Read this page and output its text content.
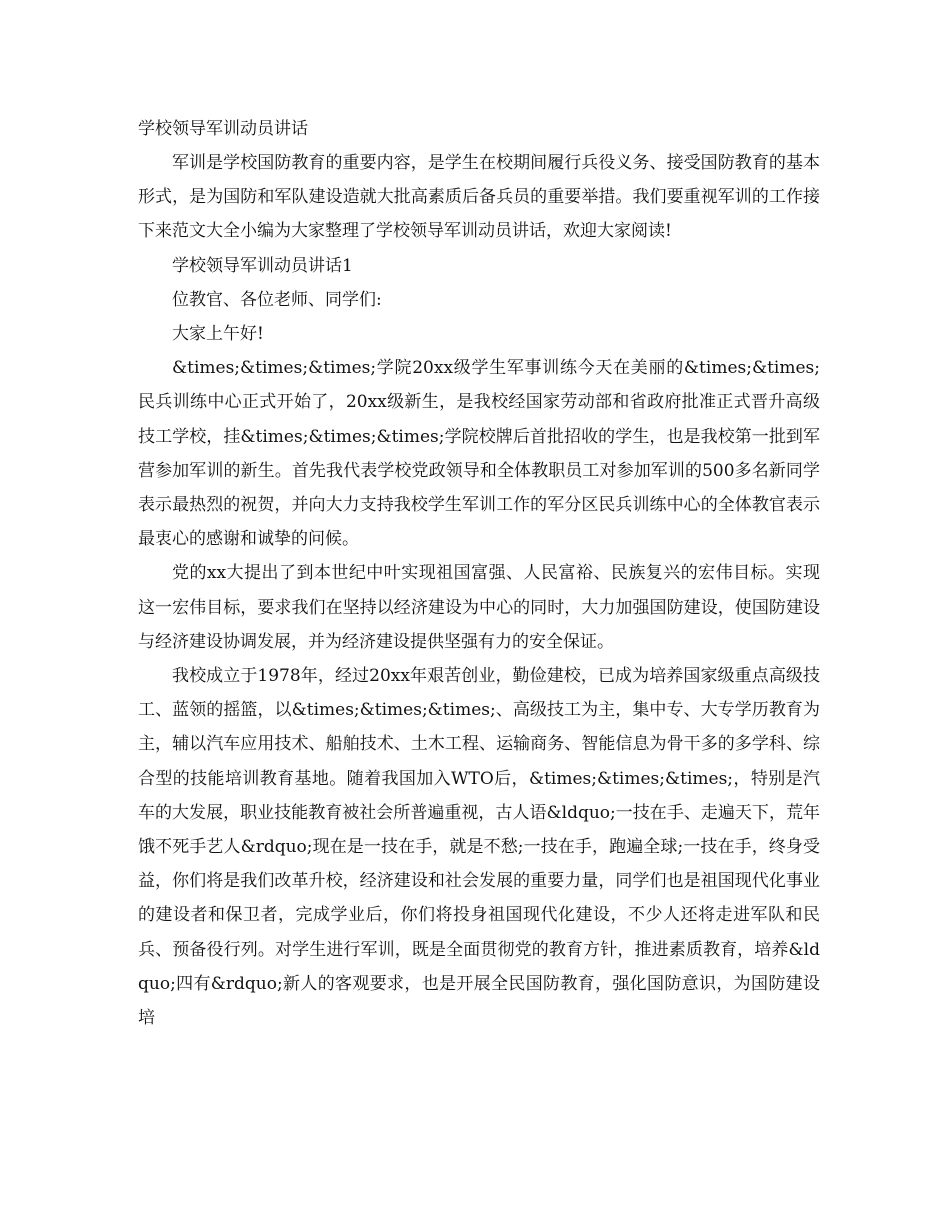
学校领导军训动员讲话

军训是学校国防教育的重要内容，是学生在校期间履行兵役义务、接受国防教育的基本形式，是为国防和军队建设造就大批高素质后备兵员的重要举措。我们要重视军训的工作接下来范文大全小编为大家整理了学校领导军训动员讲话，欢迎大家阅读!

学校领导军训动员讲话1

位教官、各位老师、同学们:

大家上午好!

&times;&times;&times;学院20xx级学生军事训练今天在美丽的&times;&times;民兵训练中心正式开始了，20xx级新生，是我校经国家劳动部和省政府批准正式晋升高级技工学校，挂&times;&times;&times;学院校牌后首批招收的学生，也是我校第一批到军营参加军训的新生。首先我代表学校党政领导和全体教职员工对参加军训的500多名新同学表示最热烈的祝贺，并向大力支持我校学生军训工作的军分区民兵训练中心的全体教官表示最衷心的感谢和诚挚的问候。

党的xx大提出了到本世纪中叶实现祖国富强、人民富裕、民族复兴的宏伟目标。实现这一宏伟目标，要求我们在坚持以经济建设为中心的同时，大力加强国防建设，使国防建设与经济建设协调发展，并为经济建设提供坚强有力的安全保证。

我校成立于1978年，经过20xx年艰苦创业，勤俭建校，已成为培养国家级重点高级技工、蓝领的摇篮，以&times;&times;&times;、高级技工为主，集中专、大专学历教育为主，辅以汽车应用技术、船舶技术、土木工程、运输商务、智能信息为骨干多的多学科、综合型的技能培训教育基地。随着我国加入WTO后，&times;&times;&times;，特别是汽车的大发展，职业技能教育被社会所普遍重视，古人语&ldquo;一技在手、走遍天下，荒年饿不死手艺人&rdquo;现在是一技在手，就是不愁;一技在手，跑遍全球;一技在手，终身受益，你们将是我们改革升校，经济建设和社会发展的重要力量，同学们也是祖国现代化事业的建设者和保卫者，完成学业后，你们将投身祖国现代化建设，不少人还将走进军队和民兵、预备役行列。对学生进行军训，既是全面贯彻党的教育方针，推进素质教育，培养&ldquo;四有&rdquo;新人的客观要求，也是开展全民国防教育，强化国防意识，为国防建设培
